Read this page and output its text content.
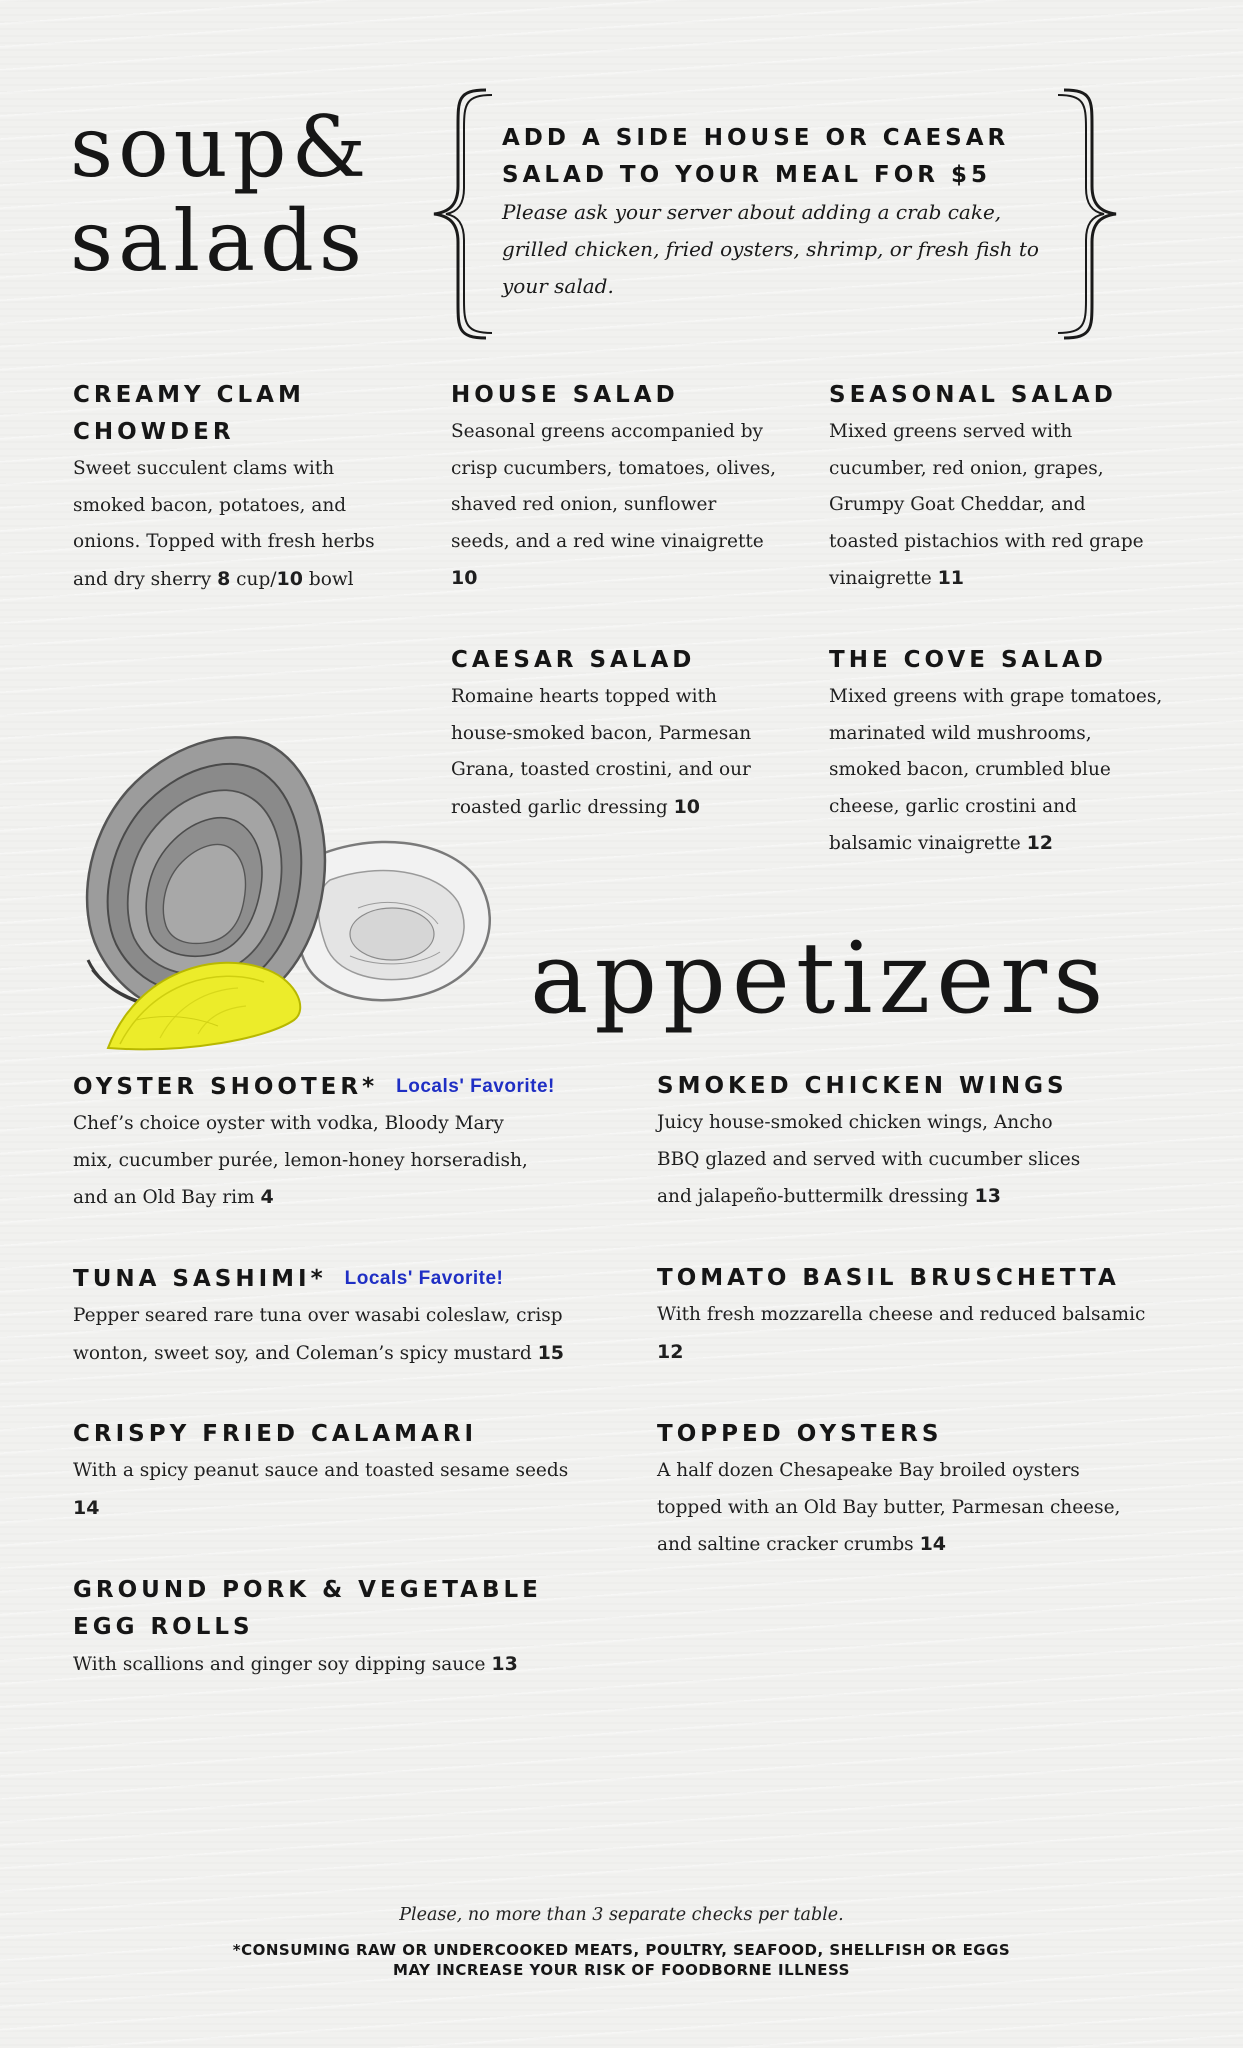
soup&
salads
ADD A SIDE HOUSE OR CAESAR
SALAD TO YOUR MEAL FOR $5
Please ask your server about adding a crab cake,
grilled chicken, fried oysters, shrimp, or fresh fish to
your salad.
CREAMY CLAM
CHOWDER
Sweet succulent clams with
smoked bacon, potatoes, and
onions. Topped with fresh herbs
and dry sherry 8 cup/10 bowl
HOUSE SALAD
Seasonal greens accompanied by
crisp cucumbers, tomatoes, olives,
shaved red onion, sunflower
seeds, and a red wine vinaigrette
10
SEASONAL SALAD
Mixed greens served with
cucumber, red onion, grapes,
Grumpy Goat Cheddar, and
toasted pistachios with red grape
vinaigrette 11
CAESAR SALAD
Romaine hearts topped with
house-smoked bacon, Parmesan
Grana, toasted crostini, and our
roasted garlic dressing 10
THE COVE SALAD
Mixed greens with grape tomatoes,
marinated wild mushrooms,
smoked bacon, crumbled blue
cheese, garlic crostini and
balsamic vinaigrette 12
appetizers
OYSTER SHOOTER* Locals' Favorite!
Chef’s choice oyster with vodka, Bloody Mary
mix, cucumber purée, lemon-honey horseradish,
and an Old Bay rim 4
TUNA SASHIMI* Locals' Favorite!
Pepper seared rare tuna over wasabi coleslaw, crisp
wonton, sweet soy, and Coleman’s spicy mustard 15
CRISPY FRIED CALAMARI
With a spicy peanut sauce and toasted sesame seeds
14
GROUND PORK & VEGETABLE
EGG ROLLS
With scallions and ginger soy dipping sauce 13
SMOKED CHICKEN WINGS
Juicy house-smoked chicken wings, Ancho
BBQ glazed and served with cucumber slices
and jalapeño-buttermilk dressing 13
TOMATO BASIL BRUSCHETTA
With fresh mozzarella cheese and reduced balsamic
12
TOPPED OYSTERS
A half dozen Chesapeake Bay broiled oysters
topped with an Old Bay butter, Parmesan cheese,
and saltine cracker crumbs 14
Please, no more than 3 separate checks per table.
*CONSUMING RAW OR UNDERCOOKED MEATS, POULTRY, SEAFOOD, SHELLFISH OR EGGS
MAY INCREASE YOUR RISK OF FOODBORNE ILLNESS
